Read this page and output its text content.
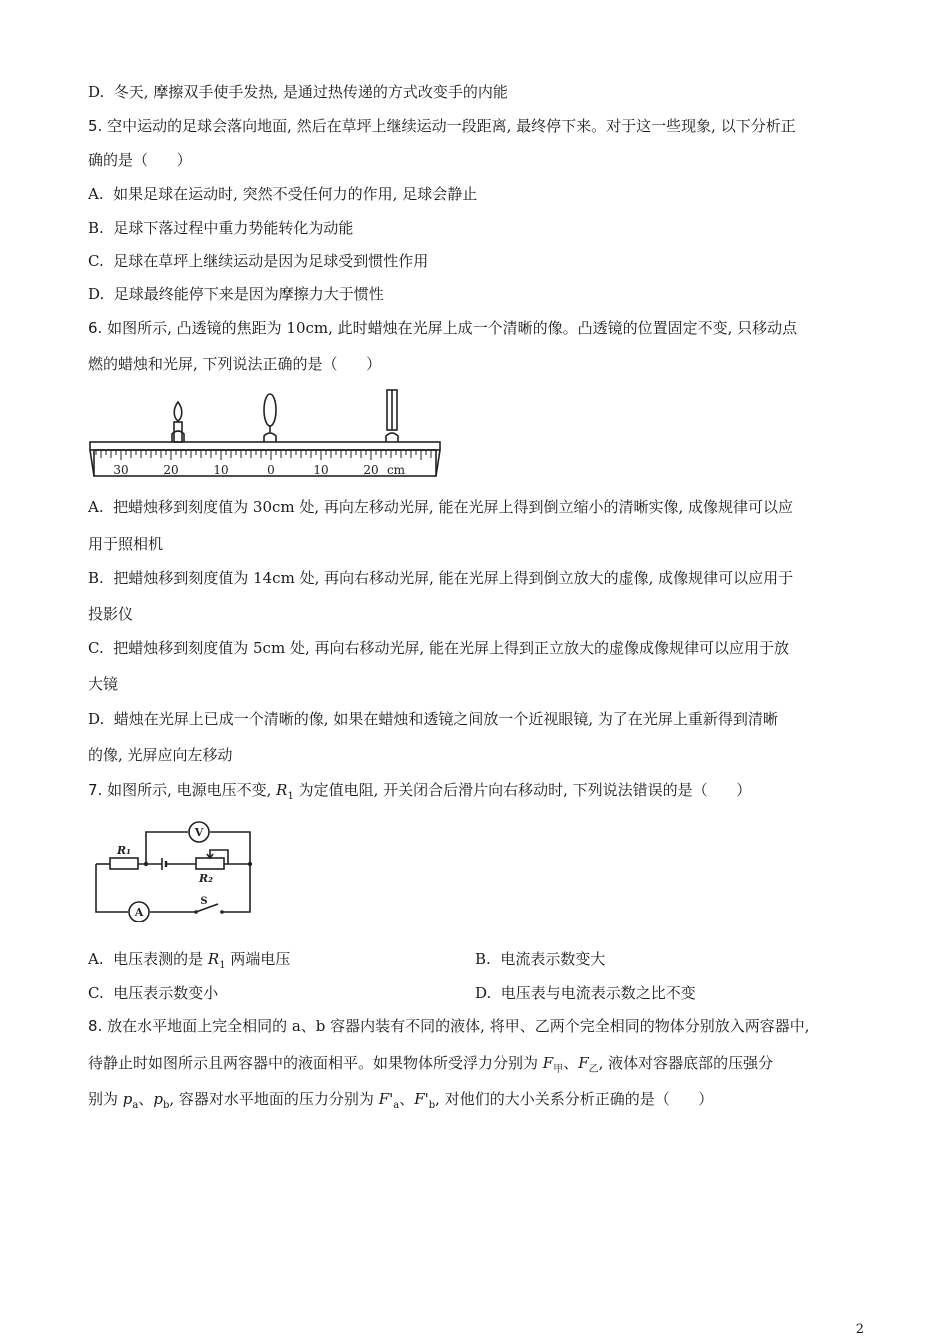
D.  冬天, 摩擦双手使手发热, 是通过热传递的方式改变手的内能
5. 空中运动的足球会落向地面, 然后在草坪上继续运动一段距离, 最终停下来。对于这一些现象, 以下分析正
确的是（      ）
A.  如果足球在运动时, 突然不受任何力的作用, 足球会静止
B.  足球下落过程中重力势能转化为动能
C.  足球在草坪上继续运动是因为足球受到惯性作用
D.  足球最终能停下来是因为摩擦力大于惯性
6. 如图所示, 凸透镜的焦距为 10cm, 此时蜡烛在光屏上成一个清晰的像。凸透镜的位置固定不变, 只移动点
燃的蜡烛和光屏, 下列说法正确的是（      ）
30	20	10	0	10	20 cm
A.  把蜡烛移到刻度值为 30cm 处, 再向左移动光屏, 能在光屏上得到倒立缩小的清晰实像, 成像规律可以应
用于照相机
B.  把蜡烛移到刻度值为 14cm 处, 再向右移动光屏, 能在光屏上得到倒立放大的虚像, 成像规律可以应用于
投影仪
C.  把蜡烛移到刻度值为 5cm 处, 再向右移动光屏, 能在光屏上得到正立放大的虚像成像规律可以应用于放
大镜
D.  蜡烛在光屏上已成一个清晰的像, 如果在蜡烛和透镜之间放一个近视眼镜, 为了在光屏上重新得到清晰
的像, 光屏应向左移动
7. 如图所示, 电源电压不变, $R_1$ 为定值电阻, 开关闭合后滑片向右移动时, 下列说法错误的是（      ）
R₁
R₂
V
A
S
A.  电压表测的是 $R_1$ 两端电压	B.  电流表示数变大
C.  电压表示数变小	D.  电压表与电流表示数之比不变
8. 放在水平地面上完全相同的 a、b 容器内装有不同的液体, 将甲、乙两个完全相同的物体分别放入两容器中,
待静止时如图所示且两容器中的液面相平。如果物体所受浮力分别为 $F_甲$、$F_乙$, 液体对容器底部的压强分
别为 $p_a$、$p_b$, 容器对水平地面的压力分别为 $F'_a$、$F'_b$, 对他们的大小关系分析正确的是（      ）
2
